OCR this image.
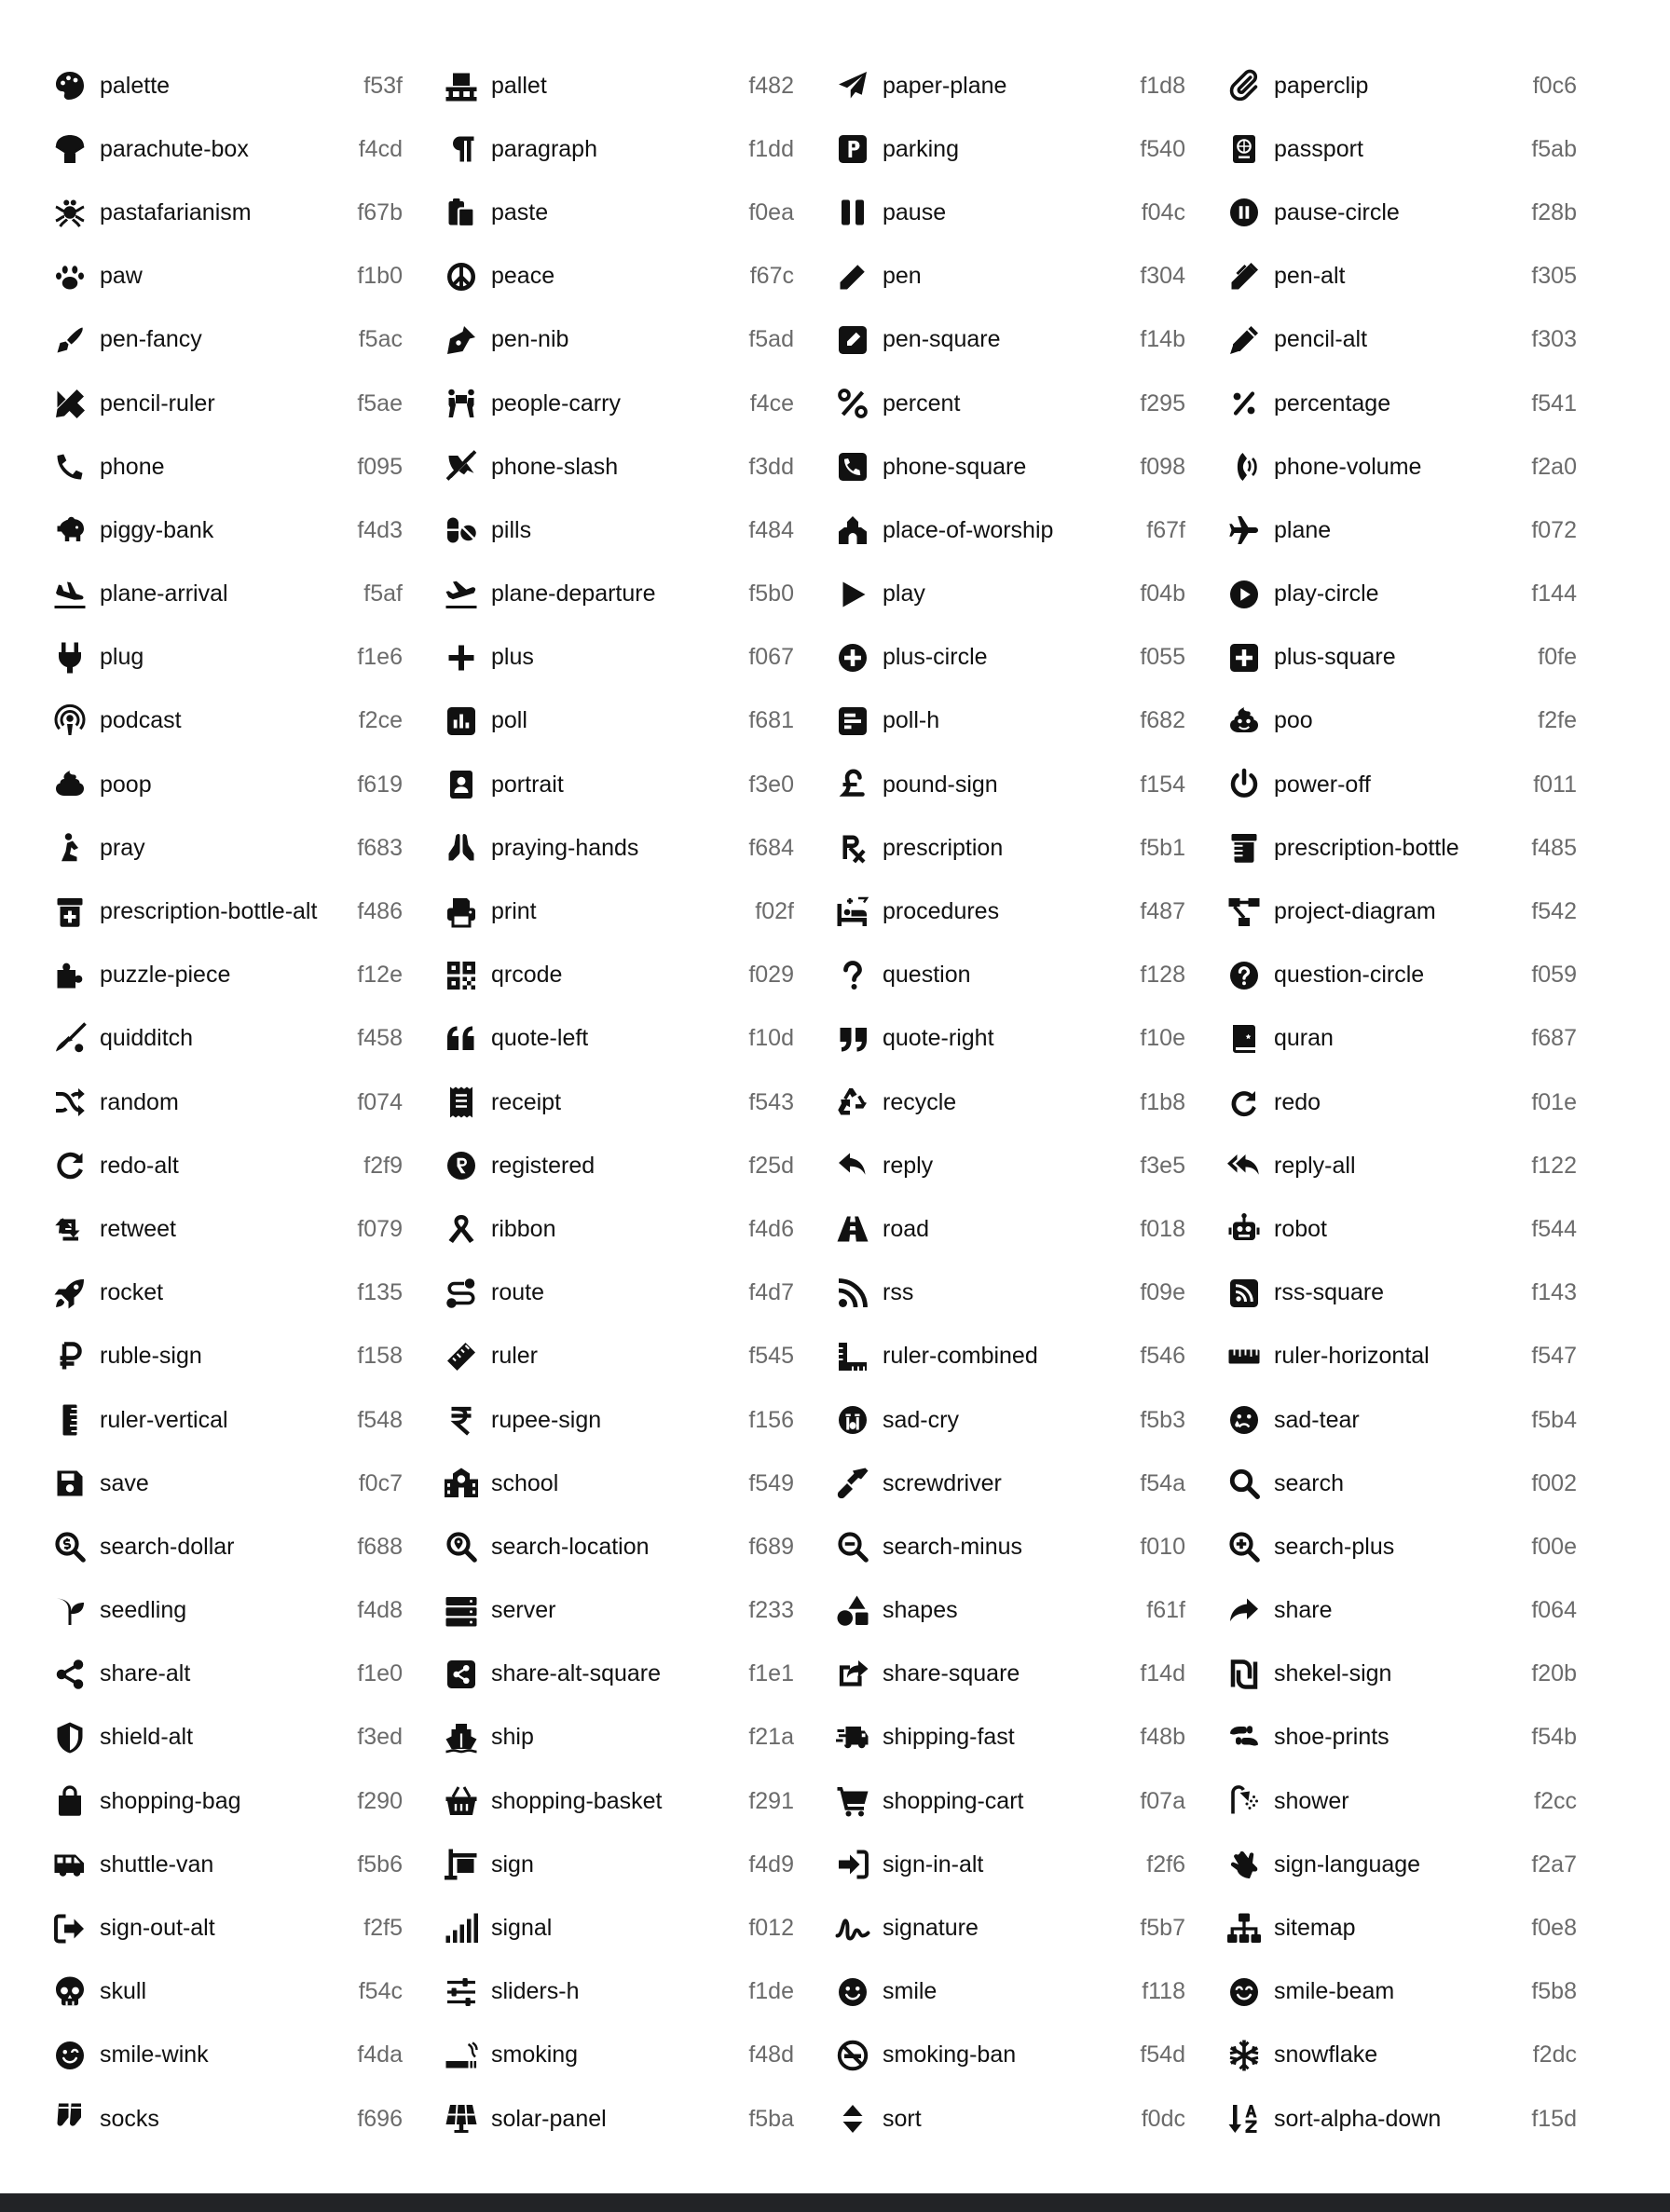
palette	f53f	pallet	f482	paper-plane	f1d8	paperclip	f0c6
parachute-box	f4cd	paragraph	f1dd	parking	f540	passport	f5ab
pastafarianism	f67b	paste	f0ea	pause	f04c	pause-circle	f28b
paw	f1b0	peace	f67c	pen	f304	pen-alt	f305
pen-fancy	f5ac	pen-nib	f5ad	pen-square	f14b	pencil-alt	f303
pencil-ruler	f5ae	people-carry	f4ce	percent	f295	percentage	f541
phone	f095	phone-slash	f3dd	phone-square	f098	phone-volume	f2a0
piggy-bank	f4d3	pills	f484	place-of-worship	f67f	plane	f072
plane-arrival	f5af	plane-departure	f5b0	play	f04b	play-circle	f144
plug	f1e6	plus	f067	plus-circle	f055	plus-square	f0fe
podcast	f2ce	poll	f681	poll-h	f682	poo	f2fe
poop	f619	portrait	f3e0	pound-sign	f154	power-off	f011
pray	f683	praying-hands	f684	prescription	f5b1	prescription-bottle	f485
prescription-bottle-alt	f486	print	f02f	procedures	f487	project-diagram	f542
puzzle-piece	f12e	qrcode	f029	question	f128	question-circle	f059
quidditch	f458	quote-left	f10d	quote-right	f10e	quran	f687
random	f074	receipt	f543	recycle	f1b8	redo	f01e
redo-alt	f2f9	registered	f25d	reply	f3e5	reply-all	f122
retweet	f079	ribbon	f4d6	road	f018	robot	f544
rocket	f135	route	f4d7	rss	f09e	rss-square	f143
ruble-sign	f158	ruler	f545	ruler-combined	f546	ruler-horizontal	f547
ruler-vertical	f548	rupee-sign	f156	sad-cry	f5b3	sad-tear	f5b4
save	f0c7	school	f549	screwdriver	f54a	search	f002
search-dollar	f688	search-location	f689	search-minus	f010	search-plus	f00e
seedling	f4d8	server	f233	shapes	f61f	share	f064
share-alt	f1e0	share-alt-square	f1e1	share-square	f14d	shekel-sign	f20b
shield-alt	f3ed	ship	f21a	shipping-fast	f48b	shoe-prints	f54b
shopping-bag	f290	shopping-basket	f291	shopping-cart	f07a	shower	f2cc
shuttle-van	f5b6	sign	f4d9	sign-in-alt	f2f6	sign-language	f2a7
sign-out-alt	f2f5	signal	f012	signature	f5b7	sitemap	f0e8
skull	f54c	sliders-h	f1de	smile	f118	smile-beam	f5b8
smile-wink	f4da	smoking	f48d	smoking-ban	f54d	snowflake	f2dc
socks	f696	solar-panel	f5ba	sort	f0dc	sort-alpha-down	f15d
